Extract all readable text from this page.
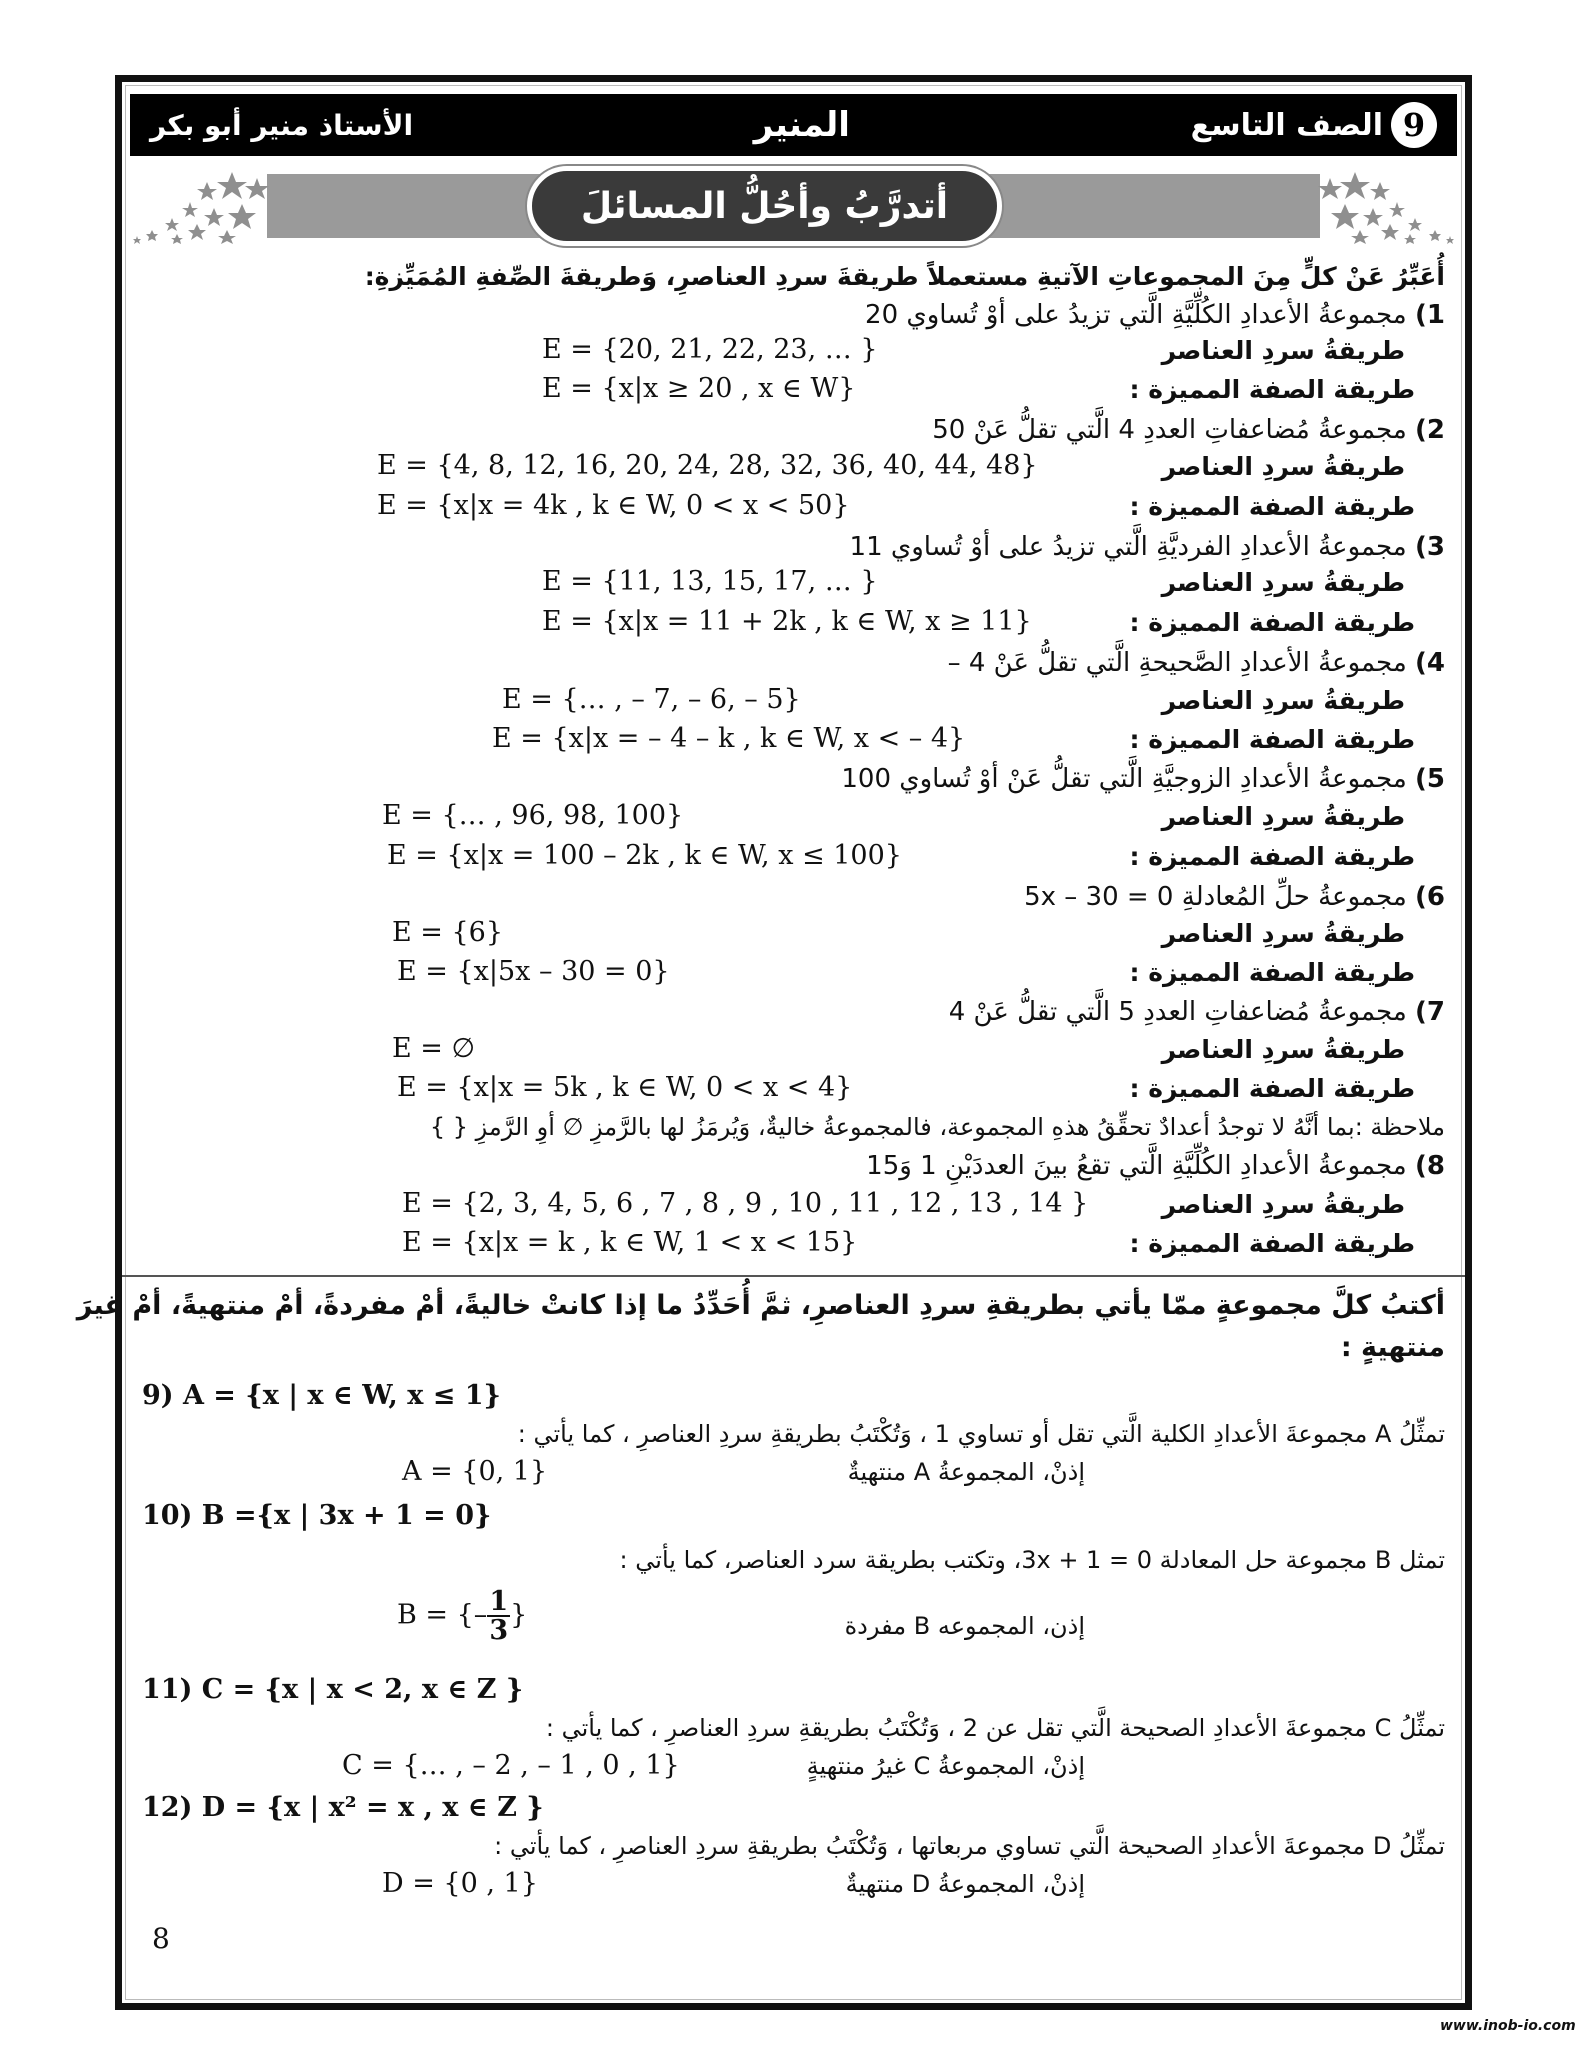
9
الصف التاسع
المنير
الأستاذ منير أبو بكر
أتدرَّبُ وأحُلُّ المسائلَ
أُعَبِّرُ عَنْ كلٍّ مِنَ المجموعاتِ الآتيةِ مستعملاً طريقةَ سردِ العناصرِ، وَطريقةَ الصِّفةِ المُمَيِّزةِ:
1) مجموعةُ الأعدادِ الكُلِّيَّةِ الَّتي تزيدُ على أوْ تُساوي 20
طريقةُ سردِ العناصر
E = {20, 21, 22, 23, … }
طريقة الصفة المميزة :
E = {x|x ≥ 20 , x ∈ W}
2) مجموعةُ مُضاعفاتِ العددِ 4 الَّتي تقلُّ عَنْ 50
طريقةُ سردِ العناصر
E = {4, 8, 12, 16, 20, 24, 28, 32, 36, 40, 44, 48}
طريقة الصفة المميزة :
E = {x|x = 4k , k ∈ W, 0 < x < 50}
3) مجموعةُ الأعدادِ الفرديَّةِ الَّتي تزيدُ على أوْ تُساوي 11
طريقةُ سردِ العناصر
E = {11, 13, 15, 17, … }
طريقة الصفة المميزة :
E = {x|x = 11 + 2k , k ∈ W, x ≥ 11}
4) مجموعةُ الأعدادِ الصَّحيحةِ الَّتي تقلُّ عَنْ 4 –
طريقةُ سردِ العناصر
E = {… , – 7, – 6, – 5}
طريقة الصفة المميزة :
E = {x|x = – 4 – k , k ∈ W, x < – 4}
5) مجموعةُ الأعدادِ الزوجيَّةِ الَّتي تقلُّ عَنْ أوْ تُساوي 100
طريقةُ سردِ العناصر
E = {… , 96, 98, 100}
طريقة الصفة المميزة :
E = {x|x = 100 – 2k , k ∈ W, x ≤ 100}
6) مجموعةُ حلِّ المُعادلةِ 5x – 30 = 0
طريقةُ سردِ العناصر
E = {6}
طريقة الصفة المميزة :
E = {x|5x – 30 = 0}
7) مجموعةُ مُضاعفاتِ العددِ 5 الَّتي تقلُّ عَنْ 4
طريقةُ سردِ العناصر
E = ∅
طريقة الصفة المميزة :
E = {x|x = 5k , k ∈ W, 0 < x < 4}
ملاحظة :بما أنَّهُ لا توجدُ أعدادٌ تحقِّقُ هذهِ المجموعة، فالمجموعةُ خاليةٌ، وَيُرمَزُ لها بالرَّمزِ ∅ أوِ الرَّمزِ { }
8) مجموعةُ الأعدادِ الكُلِّيَّةِ الَّتي تقعُ بينَ العددَيْنِ 1 وَ15
طريقةُ سردِ العناصر
E = {2, 3, 4, 5, 6 , 7 , 8 , 9 , 10 , 11 , 12 , 13 , 14 }
طريقة الصفة المميزة :
E = {x|x = k , k ∈ W, 1 < x < 15}
أكتبُ كلَّ مجموعةٍ ممّا يأتي بطريقةِ سردِ العناصرِ، ثمَّ أُحَدِّدُ ما إذا كانتْ خاليةً، أمْ مفردةً، أمْ منتهيةً، أمْ غيرَ
منتهيةٍ :
9) A = {x | x ∈ W, x ≤ 1}
تمثِّلُ A مجموعةَ الأعدادِ الكلية الَّتي تقل أو تساوي 1 ، وَتُكْتَبُ بطريقةِ سردِ العناصرِ ، كما يأتي :
إذنْ، المجموعةُ A منتهيةٌ
A = {0, 1}
10) B ={x | 3x + 1 = 0}
تمثل B مجموعة حل المعادلة 3x + 1 = 0، وتكتب بطريقة سرد العناصر، كما يأتي :
إذن، المجموعه B مفردة
B = {– $\frac{1}{3}$ }
11) C = {x | x < 2, x ∈ Z }
تمثِّلُ C مجموعةَ الأعدادِ الصحيحة الَّتي تقل عن 2 ، وَتُكْتَبُ بطريقةِ سردِ العناصرِ ، كما يأتي :
إذنْ، المجموعةُ C غيرُ منتهيةٍ
C = {… , – 2 , – 1 , 0 , 1}
12) D = {x | x² = x , x ∈ Z }
تمثِّلُ D مجموعةَ الأعدادِ الصحيحة الَّتي تساوي مربعاتها ، وَتُكْتَبُ بطريقةِ سردِ العناصرِ ، كما يأتي :
إذنْ، المجموعةُ D منتهيةٌ
D = {0 , 1}
8
www.inob-io.com
